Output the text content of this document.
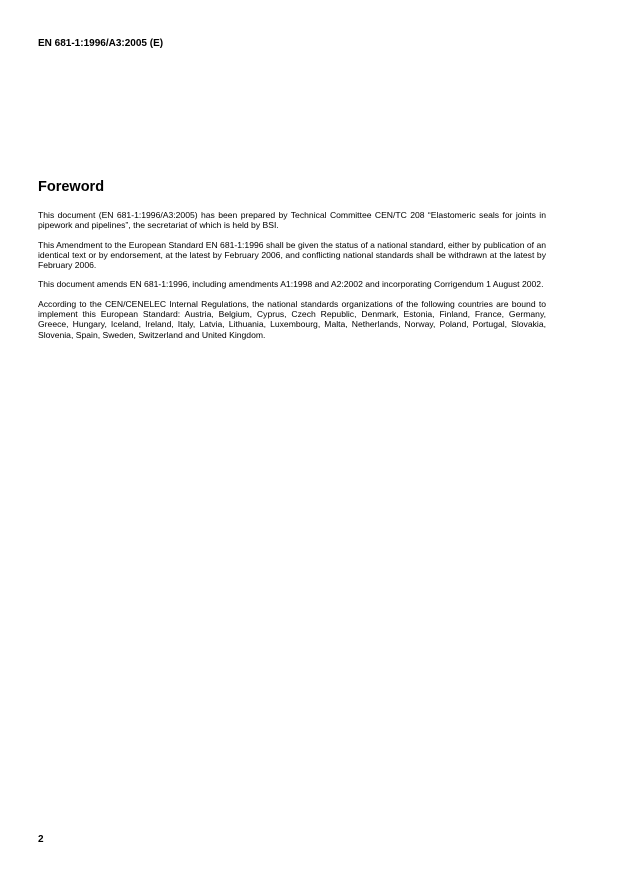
EN 681-1:1996/A3:2005 (E)
Foreword

This document (EN 681-1:1996/A3:2005) has been prepared by Technical Committee CEN/TC 208 “Elastomeric seals for joints in pipework and pipelines”, the secretariat of which is held by BSI.

This Amendment to the European Standard EN 681-1:1996 shall be given the status of a national standard, either by publication of an identical text or by endorsement, at the latest by February 2006, and conflicting national standards shall be withdrawn at the latest by February 2006.

This document amends EN 681-1:1996, including amendments A1:1998 and A2:2002 and incorporating Corrigendum 1 August 2002.

According to the CEN/CENELEC Internal Regulations, the national standards organizations of the following countries are bound to implement this European Standard: Austria, Belgium, Cyprus, Czech Republic, Denmark, Estonia, Finland, France, Germany, Greece, Hungary, Iceland, Ireland, Italy, Latvia, Lithuania, Luxembourg, Malta, Netherlands, Norway, Poland, Portugal, Slovakia, Slovenia, Spain, Sweden, Switzerland and United Kingdom.

2
